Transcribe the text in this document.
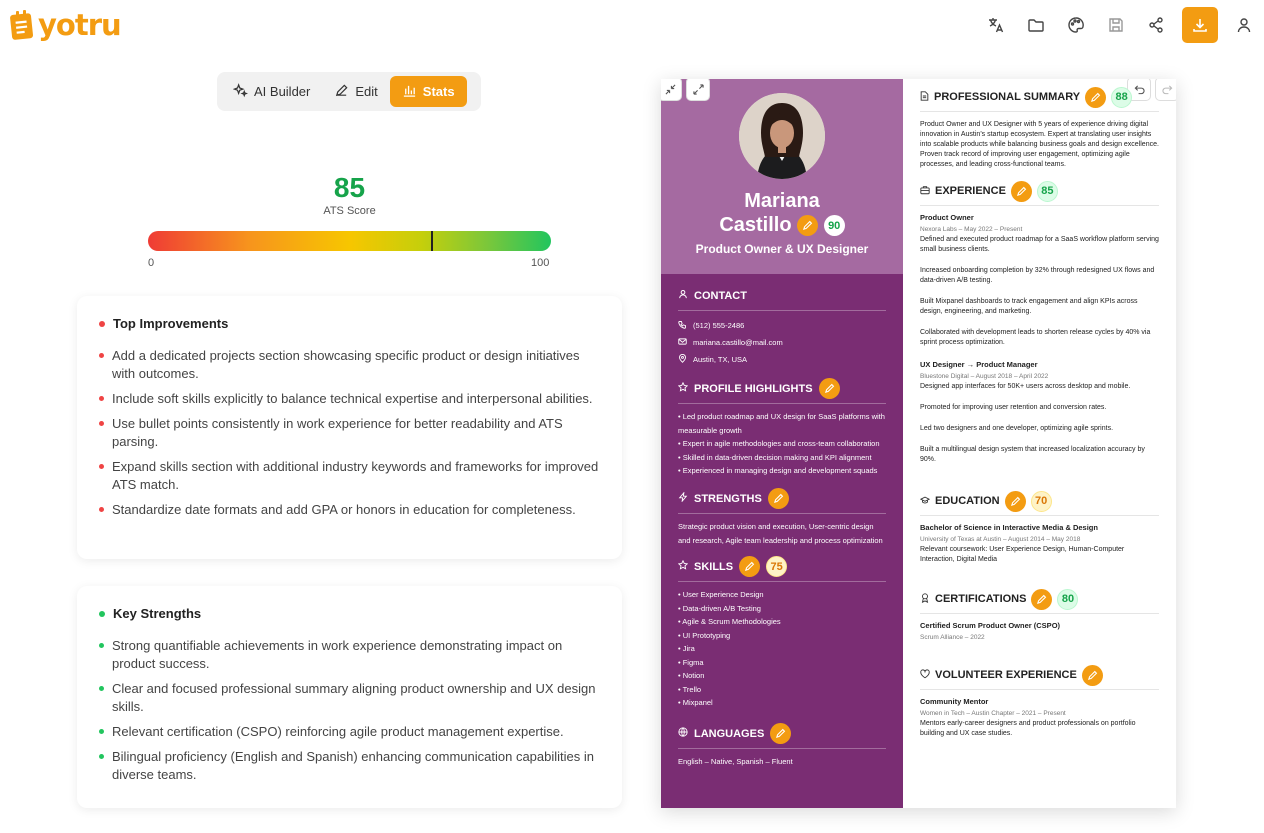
yotru
AI Builder	Edit	Stats
85
ATS Score
0	100
Top Improvements
Add a dedicated projects section showcasing specific product or design initiatives with outcomes.
Include soft skills explicitly to balance technical expertise and interpersonal abilities.
Use bullet points consistently in work experience for better readability and ATS parsing.
Expand skills section with additional industry keywords and frameworks for improved ATS match.
Standardize date formats and add GPA or honors in education for completeness.
Key Strengths
Strong quantifiable achievements in work experience demonstrating impact on product success.
Clear and focused professional summary aligning product ownership and UX design skills.
Relevant certification (CSPO) reinforcing agile product management expertise.
Bilingual proficiency (English and Spanish) enhancing communication capabilities in diverse teams.
Mariana
Castillo	90
Product Owner & UX Designer
CONTACT
(512) 555-2486
mariana.castillo@mail.com
Austin, TX, USA
PROFILE HIGHLIGHTS
• Led product roadmap and UX design for SaaS platforms with measurable growth
• Expert in agile methodologies and cross-team collaboration
• Skilled in data-driven decision making and KPI alignment
• Experienced in managing design and development squads
STRENGTHS
Strategic product vision and execution, User-centric design and research, Agile team leadership and process optimization
SKILLS	75
• User Experience Design
• Data-driven A/B Testing
• Agile & Scrum Methodologies
• UI Prototyping
• Jira
• Figma
• Notion
• Trello
• Mixpanel
LANGUAGES
English – Native, Spanish – Fluent
PROFESSIONAL SUMMARY	88
Product Owner and UX Designer with 5 years of experience driving digital innovation in Austin's startup ecosystem. Expert at translating user insights into scalable products while balancing business goals and design excellence. Proven track record of improving user engagement, optimizing agile processes, and leading cross-functional teams.
EXPERIENCE	85
Product Owner
Nexora Labs – May 2022 – Present
Defined and executed product roadmap for a SaaS workflow platform serving small business clients.
Increased onboarding completion by 32% through redesigned UX flows and data-driven A/B testing.
Built Mixpanel dashboards to track engagement and align KPIs across design, engineering, and marketing.
Collaborated with development leads to shorten release cycles by 40% via sprint process optimization.
UX Designer → Product Manager
Bluestone Digital – August 2018 – April 2022
Designed app interfaces for 50K+ users across desktop and mobile.
Promoted for improving user retention and conversion rates.
Led two designers and one developer, optimizing agile sprints.
Built a multilingual design system that increased localization accuracy by 90%.
EDUCATION	70
Bachelor of Science in Interactive Media & Design
University of Texas at Austin – August 2014 – May 2018
Relevant coursework: User Experience Design, Human-Computer Interaction, Digital Media
CERTIFICATIONS	80
Certified Scrum Product Owner (CSPO)
Scrum Alliance – 2022
VOLUNTEER EXPERIENCE
Community Mentor
Women in Tech – Austin Chapter – 2021 – Present
Mentors early-career designers and product professionals on portfolio building and UX case studies.
